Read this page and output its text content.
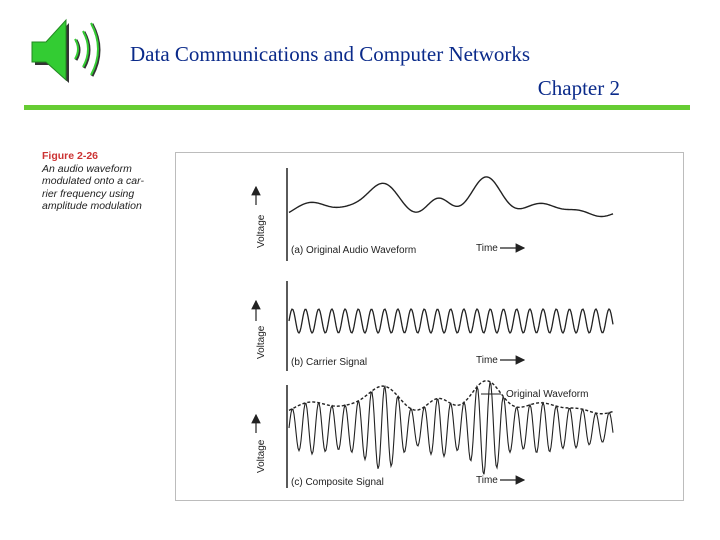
Data Communications and Computer Networks
Chapter 2
Figure 2-26
An audio waveform
modulated onto a car-
rier frequency using
amplitude modulation
Voltage
(a) Original Audio Waveform	Time
Voltage
(b) Carrier Signal	Time
Voltage
Original Waveform
(c) Composite Signal	Time
